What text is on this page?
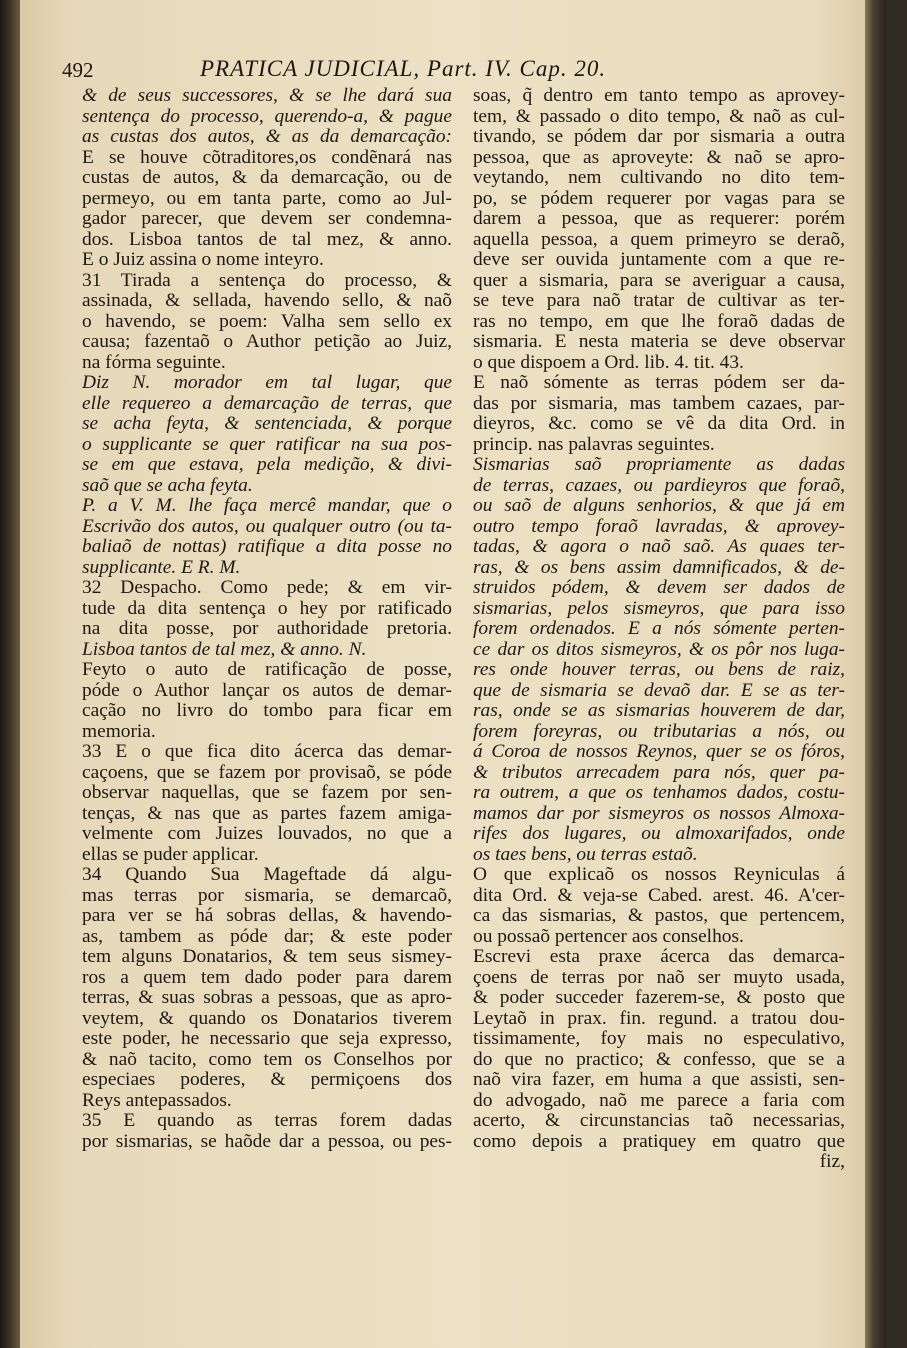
492	PRATICA JUDICIAL, Part. IV. Cap. 20.
& de seus successores, & se lhe dará sua
sentença do processo, querendo-a, & pague
as custas dos autos, & as da demarcação:
E se houve cõtraditores,os condẽnará nas
custas de autos, & da demarcação, ou de
permeyo, ou em tanta parte, como ao Jul-
gador parecer, que devem ser condemna-
dos. Lisboa tantos de tal mez, & anno.
E o Juiz assina o nome inteyro.
31 Tirada a sentença do processo, &
assinada, & sellada, havendo sello, & naõ
o havendo, se poem: Valha sem sello ex
causa; fazentaõ o Author petição ao Juiz,
na fórma seguinte.
Diz N. morador em tal lugar, que
elle requereo a demarcação de terras, que
se acha feyta, & sentenciada, & porque
o supplicante se quer ratificar na sua pos-
se em que estava, pela medição, & divi-
saõ que se acha feyta.
P. a V. M. lhe faça mercê mandar, que o
Escrivão dos autos, ou qualquer outro (ou ta-
baliaõ de nottas) ratifique a dita posse no
supplicante. E R. M.
32 Despacho. Como pede; & em vir-
tude da dita sentença o hey por ratificado
na dita posse, por authoridade pretoria.
Lisboa tantos de tal mez, & anno. N.
Feyto o auto de ratificação de posse,
póde o Author lançar os autos de demar-
cação no livro do tombo para ficar em
memoria.
33 E o que fica dito ácerca das demar-
caçoens, que se fazem por provisaõ, se póde
observar naquellas, que se fazem por sen-
tenças, & nas que as partes fazem amiga-
velmente com Juizes louvados, no que a
ellas se puder applicar.
34 Quando Sua Mageftade dá algu-
mas terras por sismaria, se demarcaõ,
para ver se há sobras dellas, & havendo-
as, tambem as póde dar; & este poder
tem alguns Donatarios, & tem seus sismey-
ros a quem tem dado poder para darem
terras, & suas sobras a pessoas, que as apro-
veytem, & quando os Donatarios tiverem
este poder, he necessario que seja expresso,
& naõ tacito, como tem os Conselhos por
especiaes poderes, & permiçoens dos
Reys antepassados.
35 E quando as terras forem dadas
por sismarias, se haõde dar a pessoa, ou pes-
soas, q̃ dentro em tanto tempo as aprovey-
tem, & passado o dito tempo, & naõ as cul-
tivando, se pódem dar por sismaria a outra
pessoa, que as aproveyte: & naõ se apro-
veytando, nem cultivando no dito tem-
po, se pódem requerer por vagas para se
darem a pessoa, que as requerer: porém
aquella pessoa, a quem primeyro se deraõ,
deve ser ouvida juntamente com a que re-
quer a sismaria, para se averiguar a causa,
se teve para naõ tratar de cultivar as ter-
ras no tempo, em que lhe foraõ dadas de
sismaria. E nesta materia se deve observar
o que dispoem a Ord. lib. 4. tit. 43.
E naõ sómente as terras pódem ser da-
das por sismaria, mas tambem cazaes, par-
dieyros, &c. como se vê da dita Ord. in
princip. nas palavras seguintes.
Sismarias saõ propriamente as dadas
de terras, cazaes, ou pardieyros que foraõ,
ou saõ de alguns senhorios, & que já em
outro tempo foraõ lavradas, & aprovey-
tadas, & agora o naõ saõ. As quaes ter-
ras, & os bens assim damnificados, & de-
struidos pódem, & devem ser dados de
sismarias, pelos sismeyros, que para isso
forem ordenados. E a nós sómente perten-
ce dar os ditos sismeyros, & os pôr nos luga-
res onde houver terras, ou bens de raiz,
que de sismaria se devaõ dar. E se as ter-
ras, onde se as sismarias houverem de dar,
forem foreyras, ou tributarias a nós, ou
á Coroa de nossos Reynos, quer se os fóros,
& tributos arrecadem para nós, quer pa-
ra outrem, a que os tenhamos dados, costu-
mamos dar por sismeyros os nossos Almoxa-
rifes dos lugares, ou almoxarifados, onde
os taes bens, ou terras estaõ.
O que explicaõ os nossos Reyniculas á
dita Ord. & veja-se Cabed. arest. 46. A'cer-
ca das sismarias, & pastos, que pertencem,
ou possaõ pertencer aos conselhos.
Escrevi esta praxe ácerca das demarca-
çoens de terras por naõ ser muyto usada,
& poder succeder fazerem-se, & posto que
Leytaõ in prax. fin. regund. a tratou dou-
tissimamente, foy mais no especulativo,
do que no practico; & confesso, que se a
naõ vira fazer, em huma a que assisti, sen-
do advogado, naõ me parece a faria com
acerto, & circunstancias taõ necessarias,
como depois a pratiquey em quatro que
fiz,
